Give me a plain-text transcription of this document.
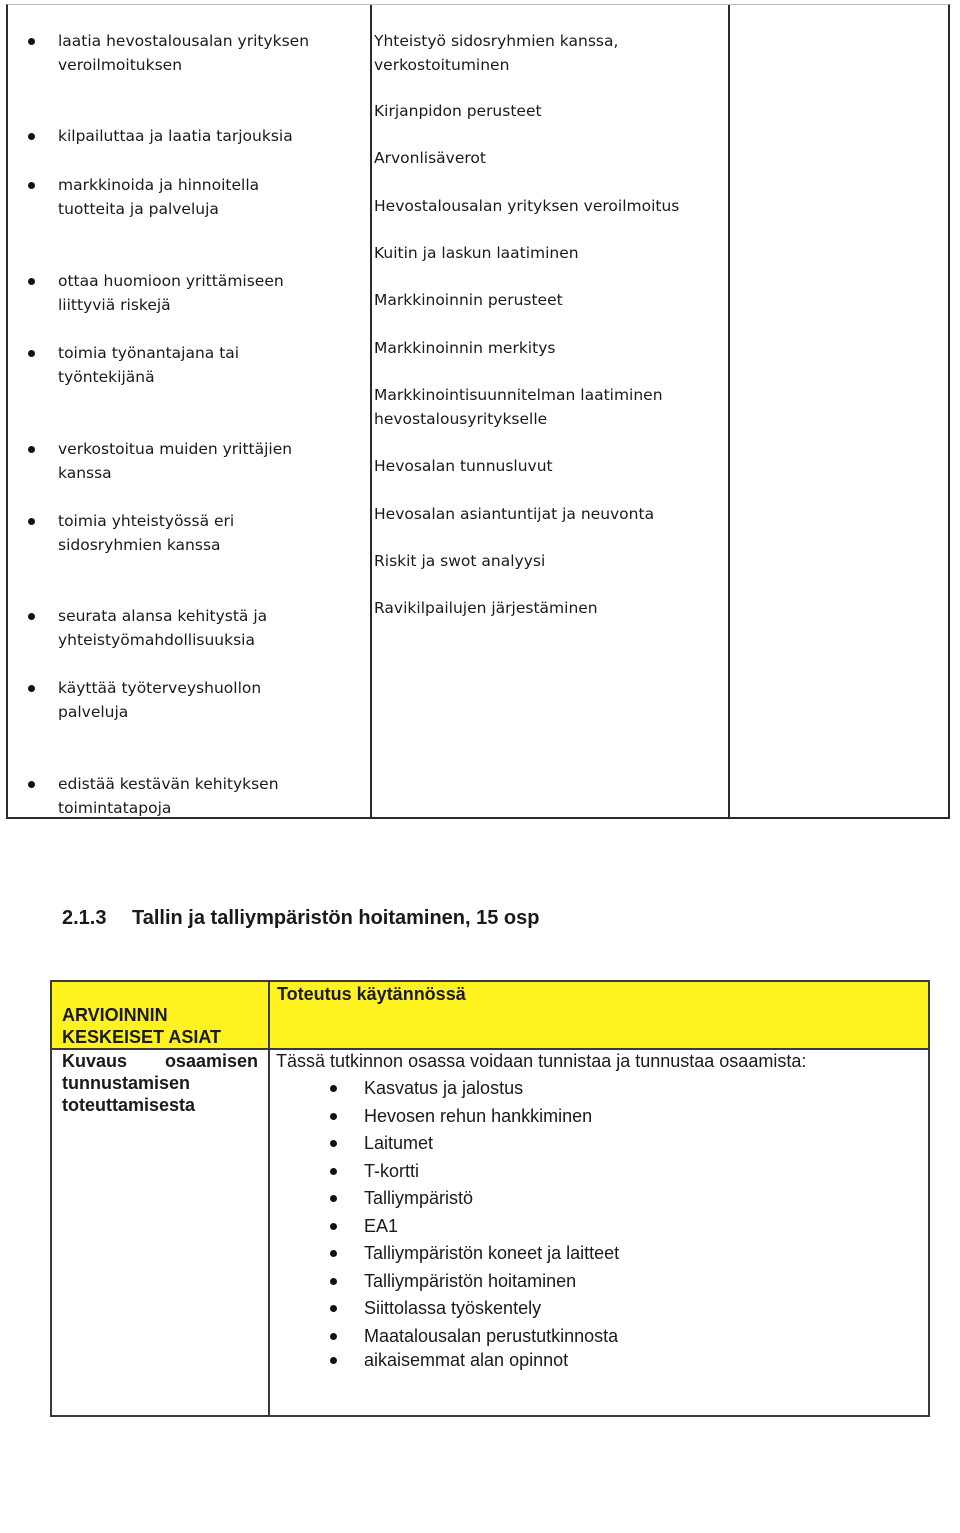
laatia hevostalousalan yrityksen
veroilmoituksen
kilpailuttaa ja laatia tarjouksia
markkinoida ja hinnoitella
tuotteita ja palveluja
ottaa huomioon yrittämiseen
liittyviä riskejä
toimia työnantajana tai
työntekijänä
verkostoitua muiden yrittäjien
kanssa
toimia yhteistyössä eri
sidosryhmien kanssa
seurata alansa kehitystä ja
yhteistyömahdollisuuksia
käyttää työterveyshuollon
palveluja
edistää kestävän kehityksen
toimintatapoja
Yhteistyö sidosryhmien kanssa,
verkostoituminen
Kirjanpidon perusteet
Arvonlisäverot
Hevostalousalan yrityksen veroilmoitus
Kuitin ja laskun laatiminen
Markkinoinnin perusteet
Markkinoinnin merkitys
Markkinointisuunnitelman laatiminen
hevostalousyritykselle
Hevosalan tunnusluvut
Hevosalan asiantuntijat ja neuvonta
Riskit ja swot analyysi
Ravikilpailujen järjestäminen
2.1.3 Tallin ja talliympäristön hoitaminen, 15 osp
ARVIOINNIN
KESKEISET ASIAT
Toteutus käytännössä
Kuvaus osaamisen
tunnustamisen
toteuttamisesta
Tässä tutkinnon osassa voidaan tunnistaa ja tunnustaa osaamista:
Kasvatus ja jalostus
Hevosen rehun hankkiminen
Laitumet
T-kortti
Talliympäristö
EA1
Talliympäristön koneet ja laitteet
Talliympäristön hoitaminen
Siittolassa työskentely
Maatalousalan perustutkinnosta
aikaisemmat alan opinnot
